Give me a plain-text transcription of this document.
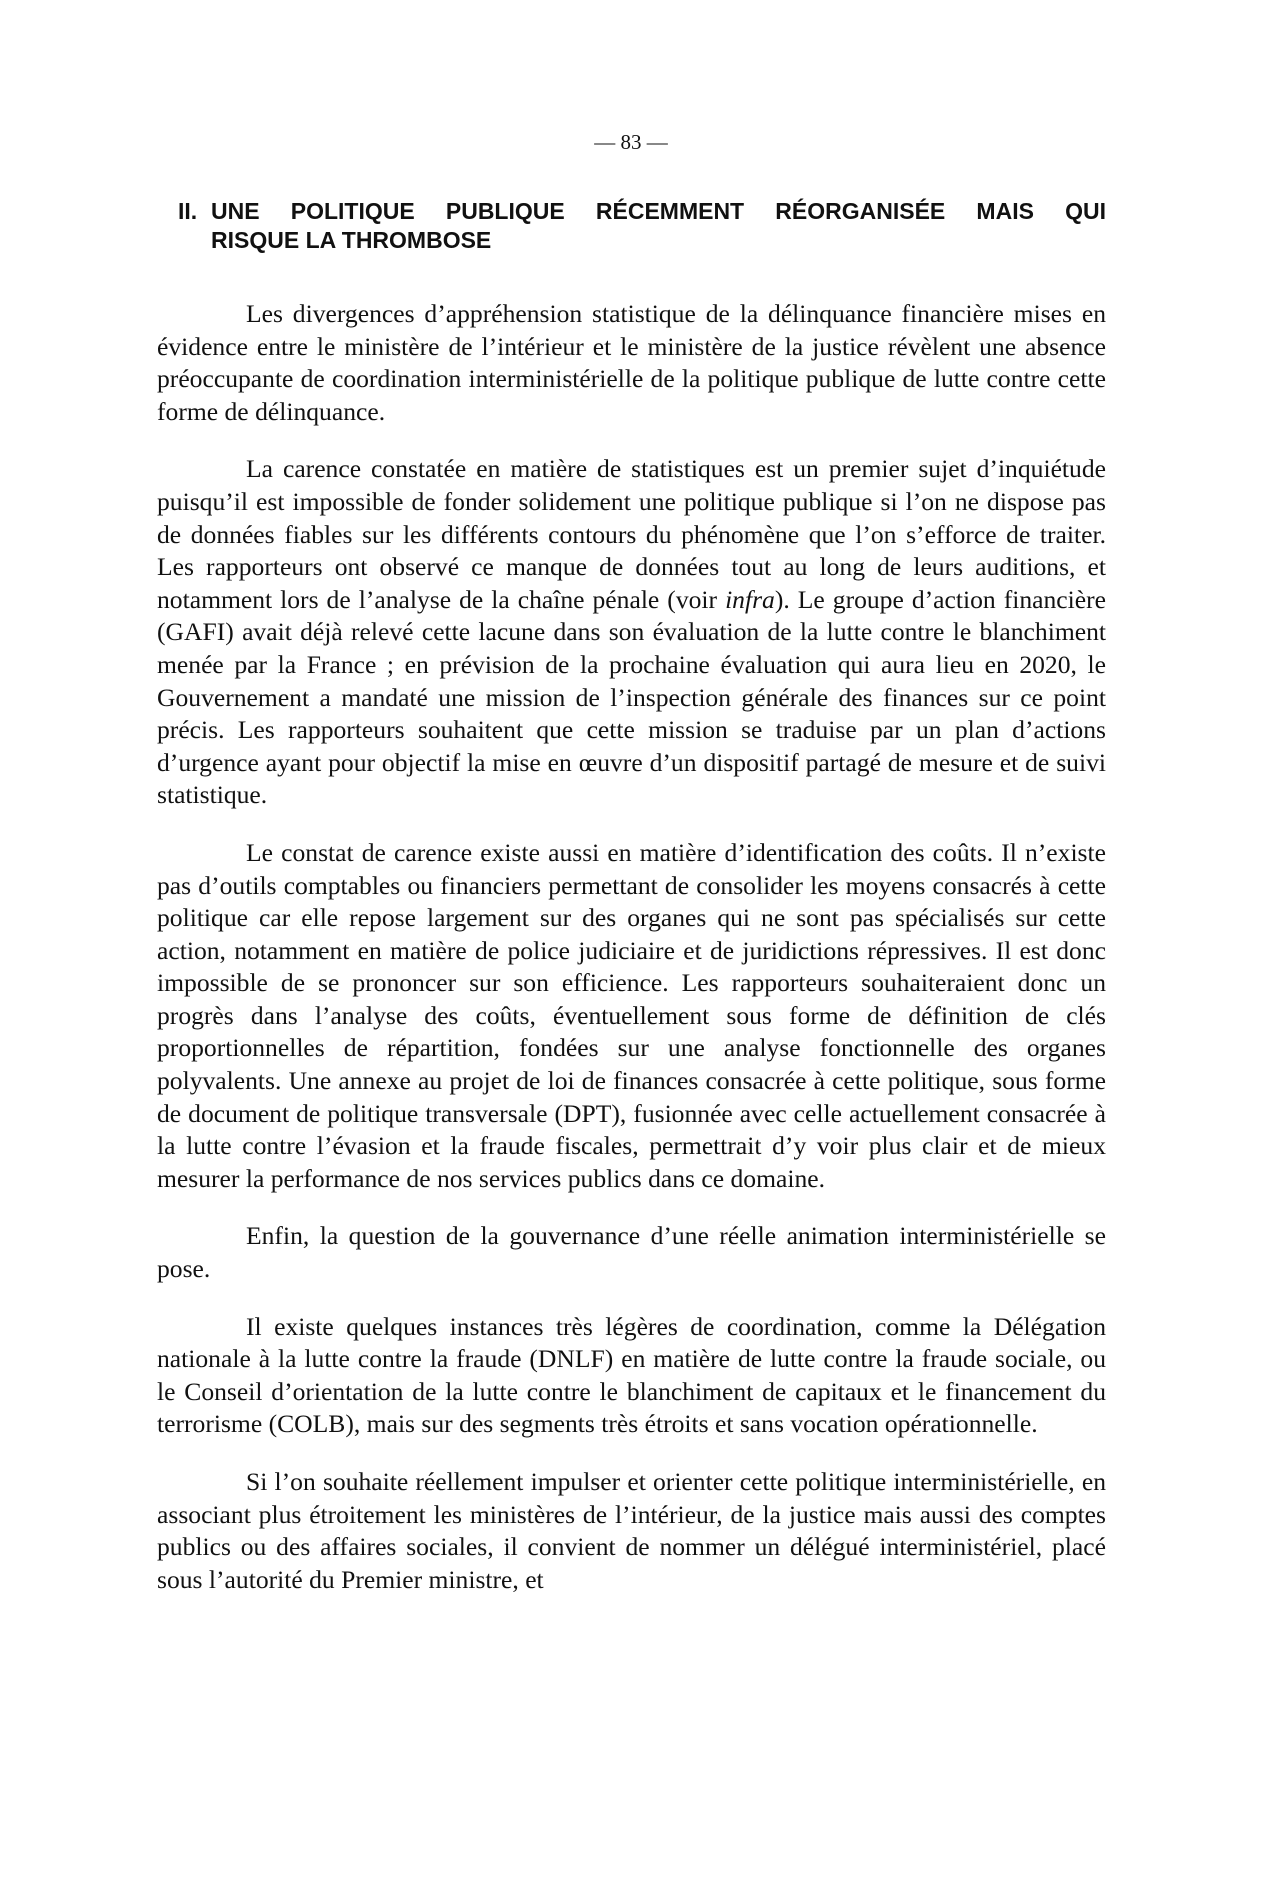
— 83 —
II. UNE POLITIQUE PUBLIQUE RÉCEMMENT RÉORGANISÉE MAIS QUI
RISQUE LA THROMBOSE

Les divergences d’appréhension statistique de la délinquance financière mises en évidence entre le ministère de l’intérieur et le ministère de la justice révèlent une absence préoccupante de coordination interministérielle de la politique publique de lutte contre cette forme de délinquance.

La carence constatée en matière de statistiques est un premier sujet d’inquiétude puisqu’il est impossible de fonder solidement une politique publique si l’on ne dispose pas de données fiables sur les différents contours du phénomène que l’on s’efforce de traiter. Les rapporteurs ont observé ce manque de données tout au long de leurs auditions, et notamment lors de l’analyse de la chaîne pénale (voir infra). Le groupe d’action financière (GAFI) avait déjà relevé cette lacune dans son évaluation de la lutte contre le blanchiment menée par la France ; en prévision de la prochaine évaluation qui aura lieu en 2020, le Gouvernement a mandaté une mission de l’inspection générale des finances sur ce point précis. Les rapporteurs souhaitent que cette mission se traduise par un plan d’actions d’urgence ayant pour objectif la mise en œuvre d’un dispositif partagé de mesure et de suivi statistique.

Le constat de carence existe aussi en matière d’identification des coûts. Il n’existe pas d’outils comptables ou financiers permettant de consolider les moyens consacrés à cette politique car elle repose largement sur des organes qui ne sont pas spécialisés sur cette action, notamment en matière de police judiciaire et de juridictions répressives. Il est donc impossible de se prononcer sur son efficience. Les rapporteurs souhaiteraient donc un progrès dans l’analyse des coûts, éventuellement sous forme de définition de clés proportionnelles de répartition, fondées sur une analyse fonctionnelle des organes polyvalents. Une annexe au projet de loi de finances consacrée à cette politique, sous forme de document de politique transversale (DPT), fusionnée avec celle actuellement consacrée à la lutte contre l’évasion et la fraude fiscales, permettrait d’y voir plus clair et de mieux mesurer la performance de nos services publics dans ce domaine.

Enfin, la question de la gouvernance d’une réelle animation interministérielle se pose.

Il existe quelques instances très légères de coordination, comme la Délégation nationale à la lutte contre la fraude (DNLF) en matière de lutte contre la fraude sociale, ou le Conseil d’orientation de la lutte contre le blanchiment de capitaux et le financement du terrorisme (COLB), mais sur des segments très étroits et sans vocation opérationnelle.

Si l’on souhaite réellement impulser et orienter cette politique interministérielle, en associant plus étroitement les ministères de l’intérieur, de la justice mais aussi des comptes publics ou des affaires sociales, il convient de nommer un délégué interministériel, placé sous l’autorité du Premier ministre, et
